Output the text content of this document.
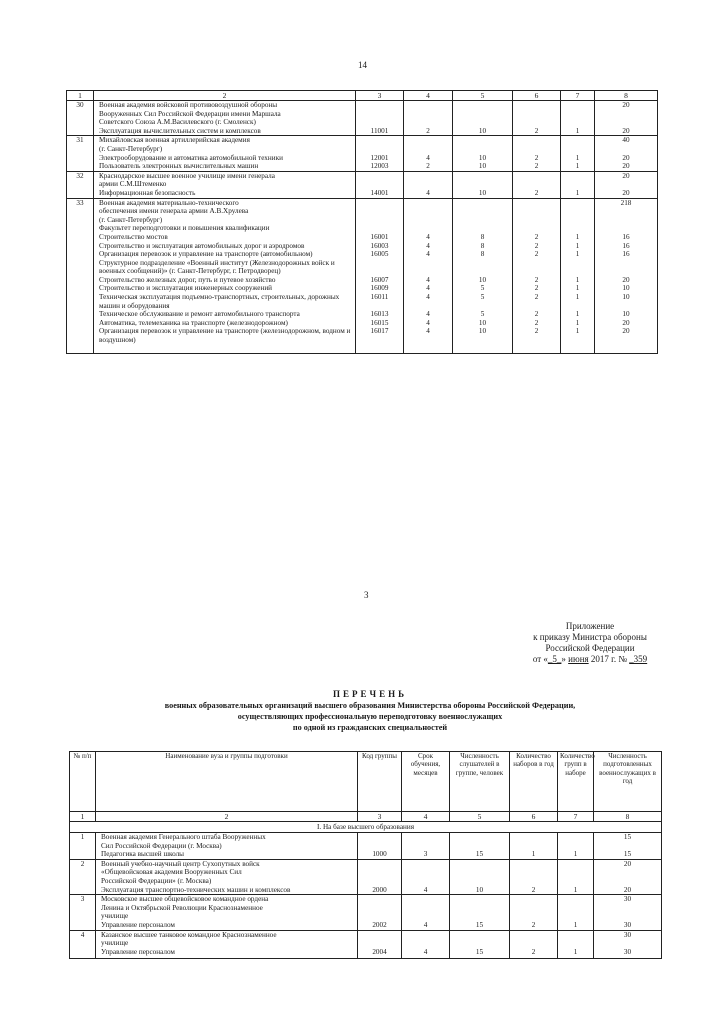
14
1	2	3	4	5	6	7	8
30	Военная академия войсковой противовоздушной обороны
Вооруженных Сил Российской Федерации имени Маршала
Советского Союза А.М.Василевского (г. Смоленск)						20
	Эксплуатация вычислительных систем и комплексов	11001	2	10	2	1	20
31	Михайловская военная артиллерийская академия
(г. Санкт-Петербург)						40
	Электрооборудование и автоматика автомобильной техники	12001	4	10	2	1	20
	Пользователь электронных вычислительных машин	12003	2	10	2	1	20
32	Краснодарское высшее военное училище имени генерала
армии С.М.Штеменко						20
	Информационная безопасность	14001	4	10	2	1	20
33	Военная академия материально-технического
обеспечения имени генерала армии А.В.Хрулева
(г. Санкт-Петербург)						218
	Факультет переподготовки и повышения квалификации						
	Строительство мостов	16001	4	8	2	1	16
	Строительство и эксплуатация автомобильных дорог и аэродромов	16003	4	8	2	1	16
	Организация перевозок и управление на транспорте (автомобильном)	16005	4	8	2	1	16
	Структурное подразделение «Военный институт (Железнодорожных войск и военных сообщений)» (г. Санкт-Петербург, г. Петродворец)						
	Строительство железных дорог, путь и путевое хозяйство	16007	4	10	2	1	20
	Строительство и эксплуатация инженерных сооружений	16009	4	5	2	1	10
	Техническая эксплуатация подъемно-транспортных, строительных, дорожных машин и оборудования	16011	4	5	2	1	10
	Техническое обслуживание и ремонт автомобильного транспорта	16013	4	5	2	1	10
	Автоматика, телемеханика на транспорте (железнодорожном)	16015	4	10	2	1	20
	Организация перевозок и управление на транспорте (железнодорожном, водном и воздушном)	16017	4	10	2	1	20
3
Приложение
к приказу Министра обороны
Российской Федерации
от «_5_» июня 2017 г. № _359
ПЕРЕЧЕНЬ
военных образовательных организаций высшего образования Министерства обороны Российской Федерации,
осуществляющих профессиональную переподготовку военнослужащих
по одной из гражданских специальностей
№ п/п	Наименование вуза и группы подготовки	Код группы	Срок обучения, месяцев	Численность слушателей в группе, человек	Количество наборов в год	Количество групп в наборе	Численность подготовленных военнослужащих в год
1	2	3	4	5	6	7	8
I. На базе высшего образования							
1	Военная академия Генерального штаба Вооруженных
Сил Российской Федерации (г. Москва)						15
	Педагогика высшей школы	1000	3	15	1	1	15
2	Военный учебно-научный центр Сухопутных войск
«Общевойсковая академия Вооруженных Сил
Российской Федерации» (г. Москва)						20
	Эксплуатация транспортно-технических машин и комплексов	2000	4	10	2	1	20
3	Московское высшее общевойсковое командное ордена
Ленина и Октябрьской Революции Краснознаменное
училище						30
	Управление персоналом	2002	4	15	2	1	30
4	Казанское высшее танковое командное Краснознаменное
училище						30
	Управление персоналом	2004	4	15	2	1	30
